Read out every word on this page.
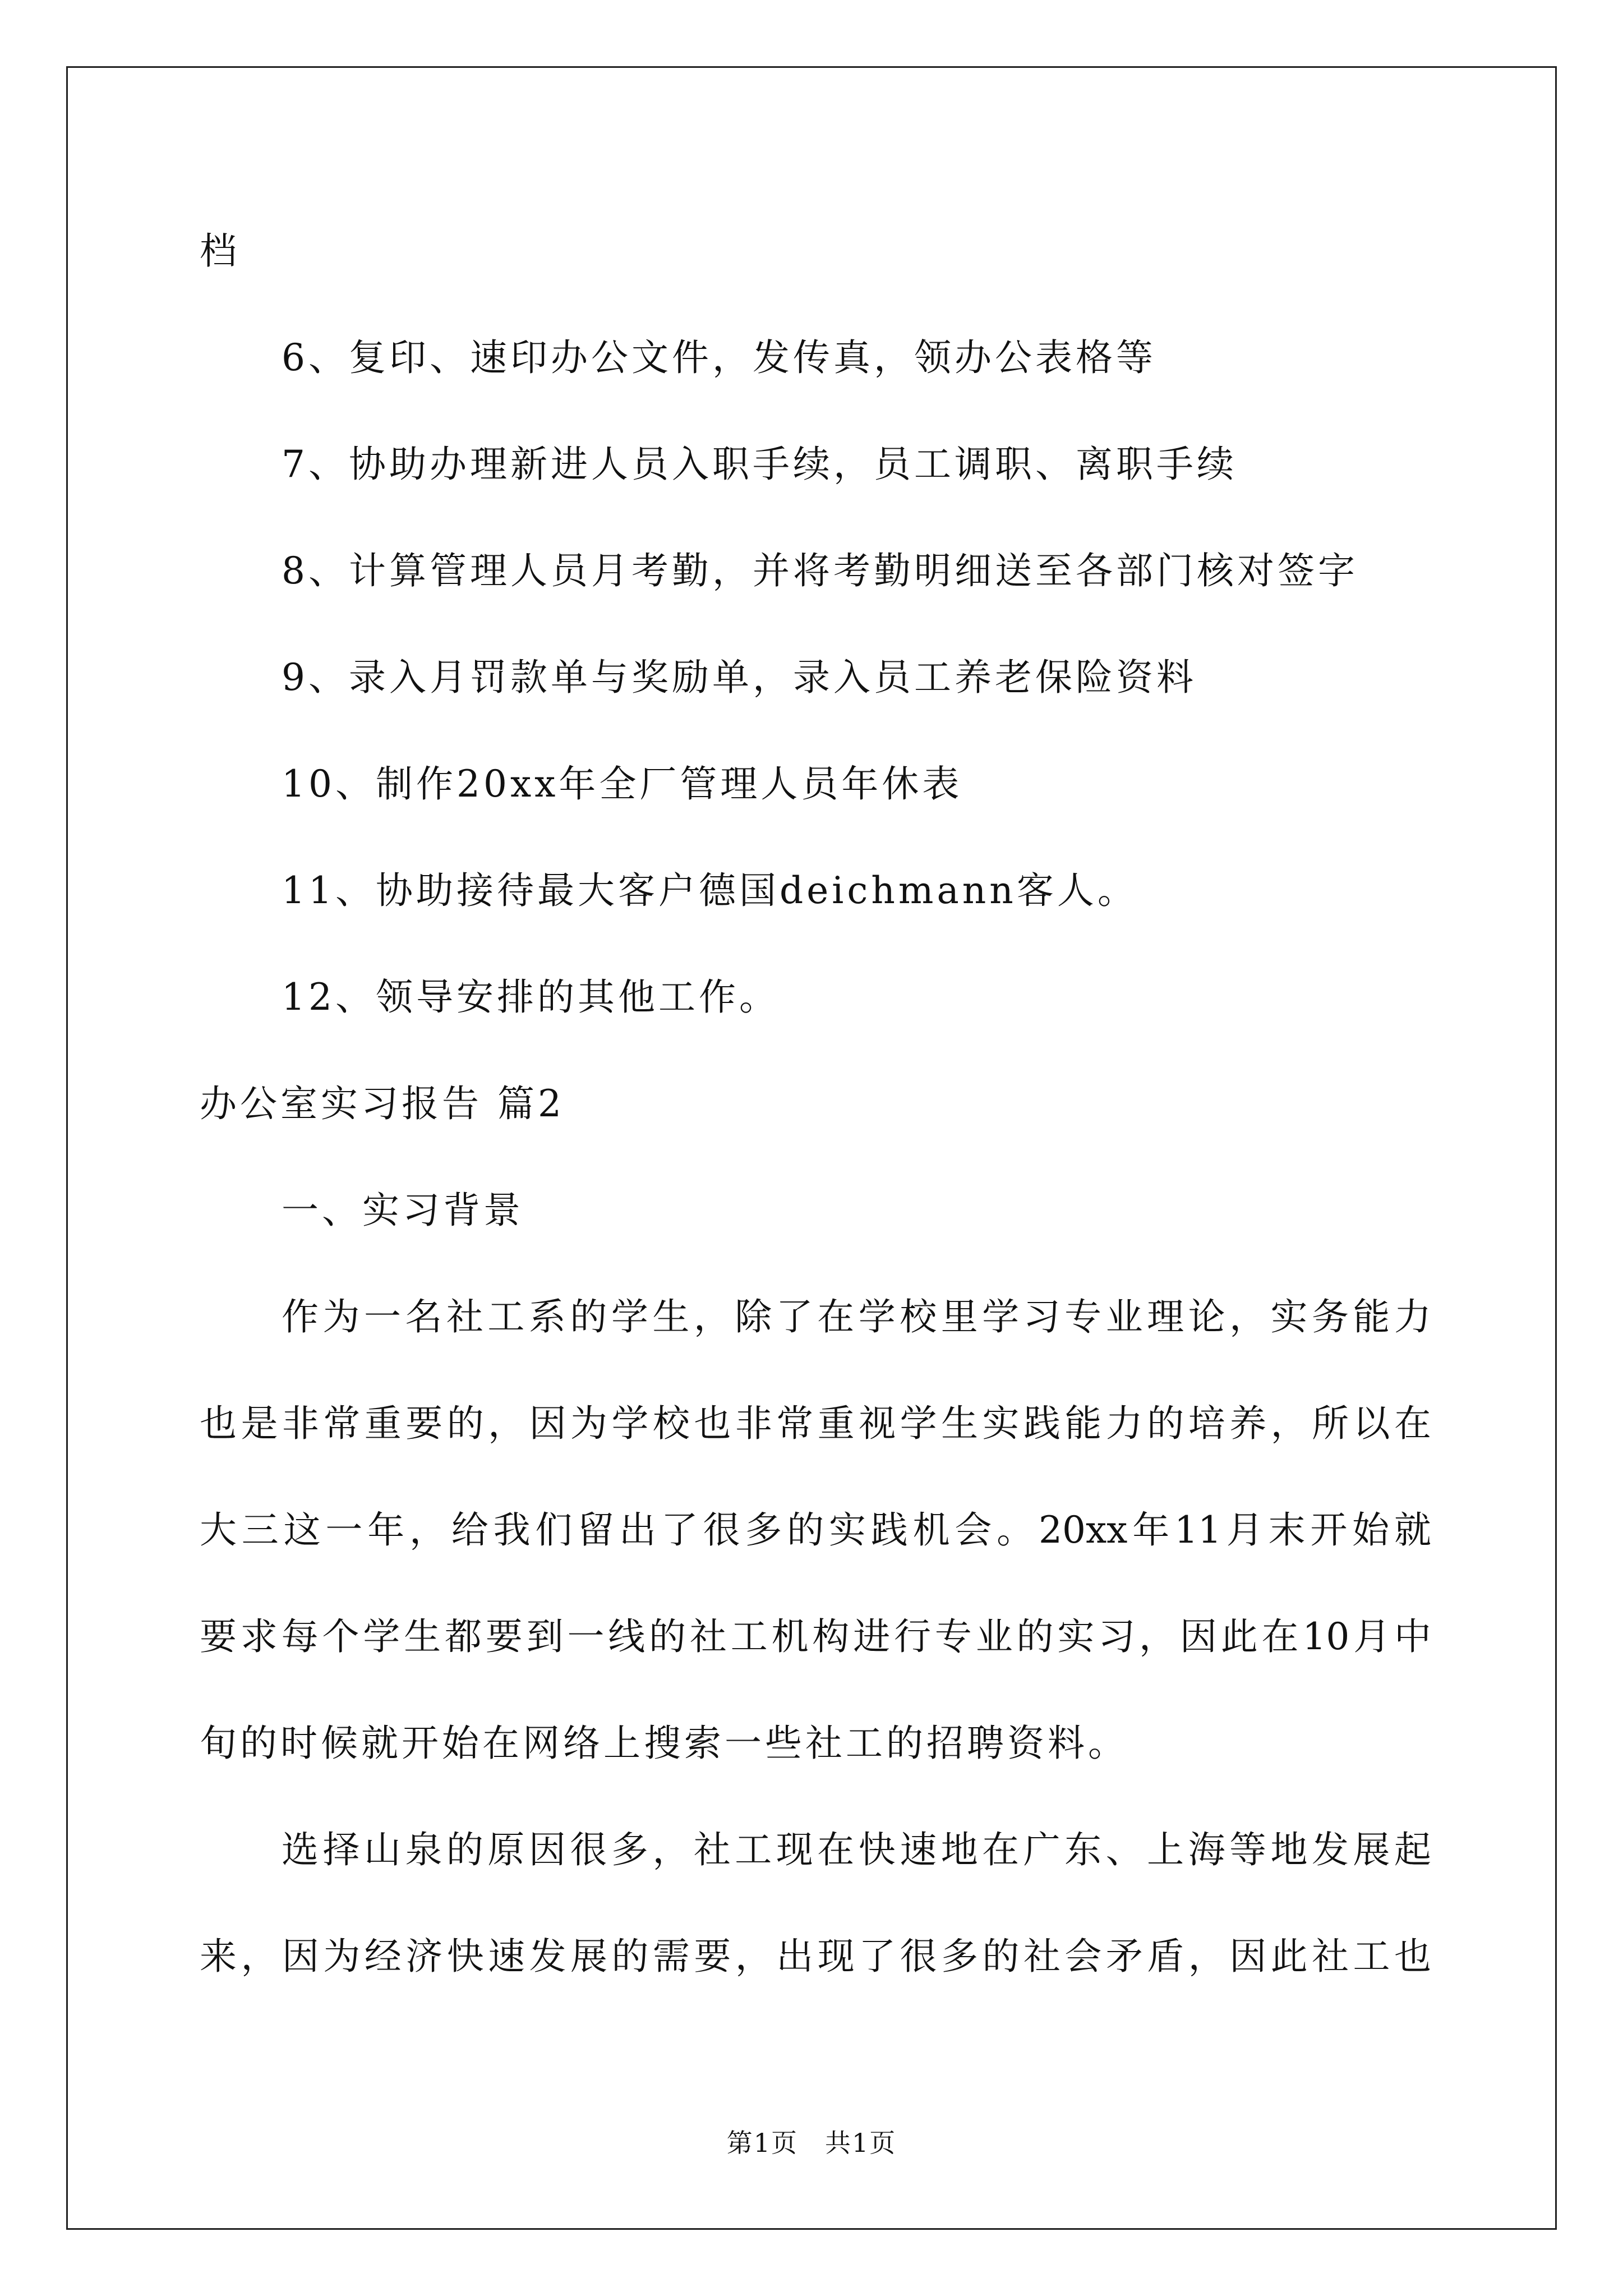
档
6、复印、速印办公文件，发传真，领办公表格等
7、协助办理新进人员入职手续，员工调职、离职手续
8、计算管理人员月考勤，并将考勤明细送至各部门核对签字
9、录入月罚款单与奖励单，录入员工养老保险资料
10、制作20xx年全厂管理人员年休表
11、协助接待最大客户德国deichmann客人。
12、领导安排的其他工作。
办公室实习报告 篇2
一、实习背景
作为一名社工系的学生，除了在学校里学习专业理论，实务能力
也是非常重要的，因为学校也非常重视学生实践能力的培养，所以在
大三这一年，给我们留出了很多的实践机会。20xx年11月末开始就
要求每个学生都要到一线的社工机构进行专业的实习，因此在10月中
旬的时候就开始在网络上搜索一些社工的招聘资料。
选择山泉的原因很多，社工现在快速地在广东、上海等地发展起
来，因为经济快速发展的需要，出现了很多的社会矛盾，因此社工也
第1页　共1页
